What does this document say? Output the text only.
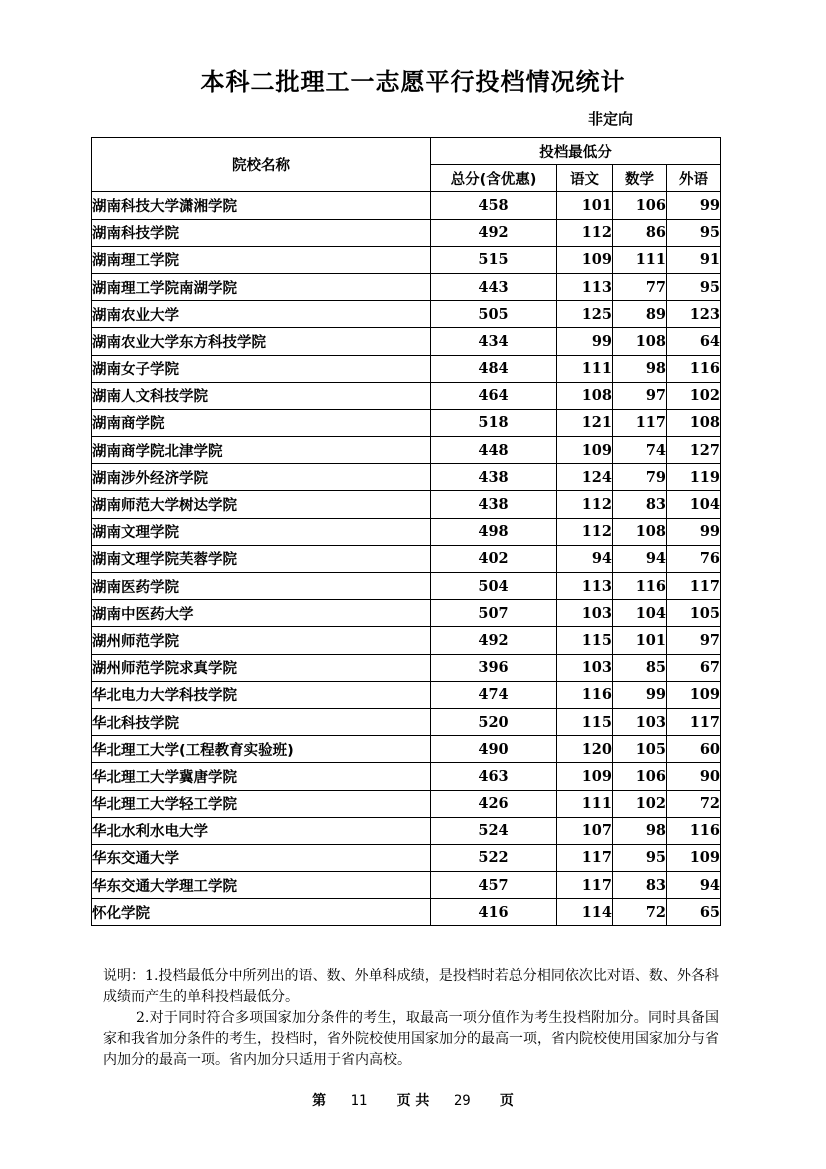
本科二批理工一志愿平行投档情况统计
非定向
院校名称	投档最低分			
	总分(含优惠)	语文	数学	外语
湖南科技大学潇湘学院	458	101	106	99
湖南科技学院	492	112	86	95
湖南理工学院	515	109	111	91
湖南理工学院南湖学院	443	113	77	95
湖南农业大学	505	125	89	123
湖南农业大学东方科技学院	434	99	108	64
湖南女子学院	484	111	98	116
湖南人文科技学院	464	108	97	102
湖南商学院	518	121	117	108
湖南商学院北津学院	448	109	74	127
湖南涉外经济学院	438	124	79	119
湖南师范大学树达学院	438	112	83	104
湖南文理学院	498	112	108	99
湖南文理学院芙蓉学院	402	94	94	76
湖南医药学院	504	113	116	117
湖南中医药大学	507	103	104	105
湖州师范学院	492	115	101	97
湖州师范学院求真学院	396	103	85	67
华北电力大学科技学院	474	116	99	109
华北科技学院	520	115	103	117
华北理工大学(工程教育实验班)	490	120	105	60
华北理工大学冀唐学院	463	109	106	90
华北理工大学轻工学院	426	111	102	72
华北水利水电大学	524	107	98	116
华东交通大学	522	117	95	109
华东交通大学理工学院	457	117	83	94
怀化学院	416	114	72	65

说明：1.投档最低分中所列出的语、数、外单科成绩，是投档时若总分相同依次比对语、数、外各科成绩而产生的单科投档最低分。

2.对于同时符合多项国家加分条件的考生，取最高一项分值作为考生投档附加分。同时具备国家和我省加分条件的考生，投档时，省外院校使用国家加分的最高一项，省内院校使用国家加分与省内加分的最高一项。省内加分只适用于省内高校。

第 11 页 共 29 页
